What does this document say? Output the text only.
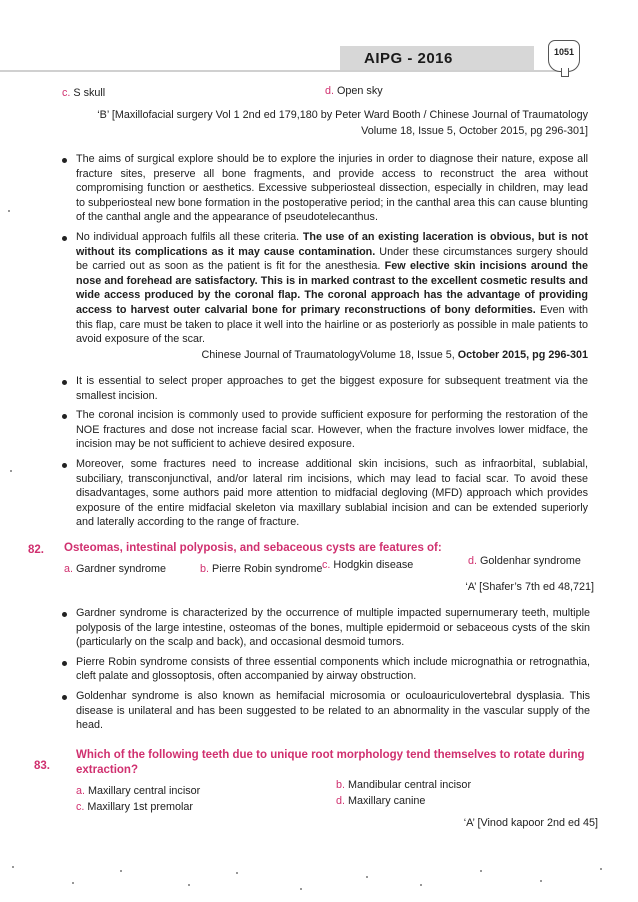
AIPG - 2016	1051
c. S skull	d. Open sky
‘B’ [Maxillofacial surgery Vol 1 2nd ed 179,180 by Peter Ward Booth / Chinese Journal of Traumatology
Volume 18, Issue 5, October 2015, pg 296-301]
The aims of surgical explore should be to explore the injuries in order to diagnose their nature, expose all fracture sites, preserve all bone fragments, and provide access to reconstruct the area without compromising function or aesthetics. Excessive subperiosteal dissection, especially in children, may lead to subperiosteal new bone formation in the postoperative period; in the canthal area this can cause blunting of the canthal angle and the appearance of pseudotelecanthus.
No individual approach fulfils all these criteria. The use of an existing laceration is obvious, but is not without its complications as it may cause contamination. Under these circumstances surgery should be carried out as soon as the patient is fit for the anesthesia. Few elective skin incisions around the nose and forehead are satisfactory. This is in marked contrast to the excellent cosmetic results and wide access produced by the coronal flap. The coronal approach has the advantage of providing access to harvest outer calvarial bone for primary reconstructions of bony deformities. Even with this flap, care must be taken to place it well into the hairline or as posteriorly as possible in male patients to avoid exposure of the scar.
Chinese Journal of TraumatologyVolume 18, Issue 5, October 2015, pg 296-301
It is essential to select proper approaches to get the biggest exposure for subsequent treatment via the smallest incision.
The coronal incision is commonly used to provide sufficient exposure for performing the restoration of the NOE fractures and dose not increase facial scar. However, when the fracture involves lower midface, the incision may be not sufficient to achieve desired exposure.
Moreover, some fractures need to increase additional skin incisions, such as infraorbital, sublabial, subciliary, transconjunctival, and/or lateral rim incisions, which may lead to facial scar. To avoid these disadvantages, some authors paid more attention to midfacial degloving (MFD) approach which provides exposure of the entire midfacial skeleton via maxillary sublabial incision and can be extended superiorly and laterally according to the range of fracture.
82. Osteomas, intestinal polyposis, and sebaceous cysts are features of:
a. Gardner syndrome	b. Pierre Robin syndrome c. Hodgkin disease	d. Goldenhar syndrome
‘A’ [Shafer’s 7th ed 48,721]
Gardner syndrome is characterized by the occurrence of multiple impacted supernumerary teeth, multiple polyposis of the large intestine, osteomas of the bones, multiple epidermoid or sebaceous cysts of the skin (particularly on the scalp and back), and occasional desmoid tumors.
Pierre Robin syndrome consists of three essential components which include micrognathia or retrognathia, cleft palate and glossoptosis, often accompanied by airway obstruction.
Goldenhar syndrome is also known as hemifacial microsomia or oculoauriculovertebral dysplasia. This disease is unilateral and has been suggested to be related to an abnormality in the vascular supply of the head.
83.
Which of the following teeth due to unique root morphology tend themselves to rotate during extraction?
a. Maxillary central incisor	b. Mandibular central incisor
c. Maxillary 1st premolar	d. Maxillary canine
‘A’ [Vinod kapoor 2nd ed 45]
